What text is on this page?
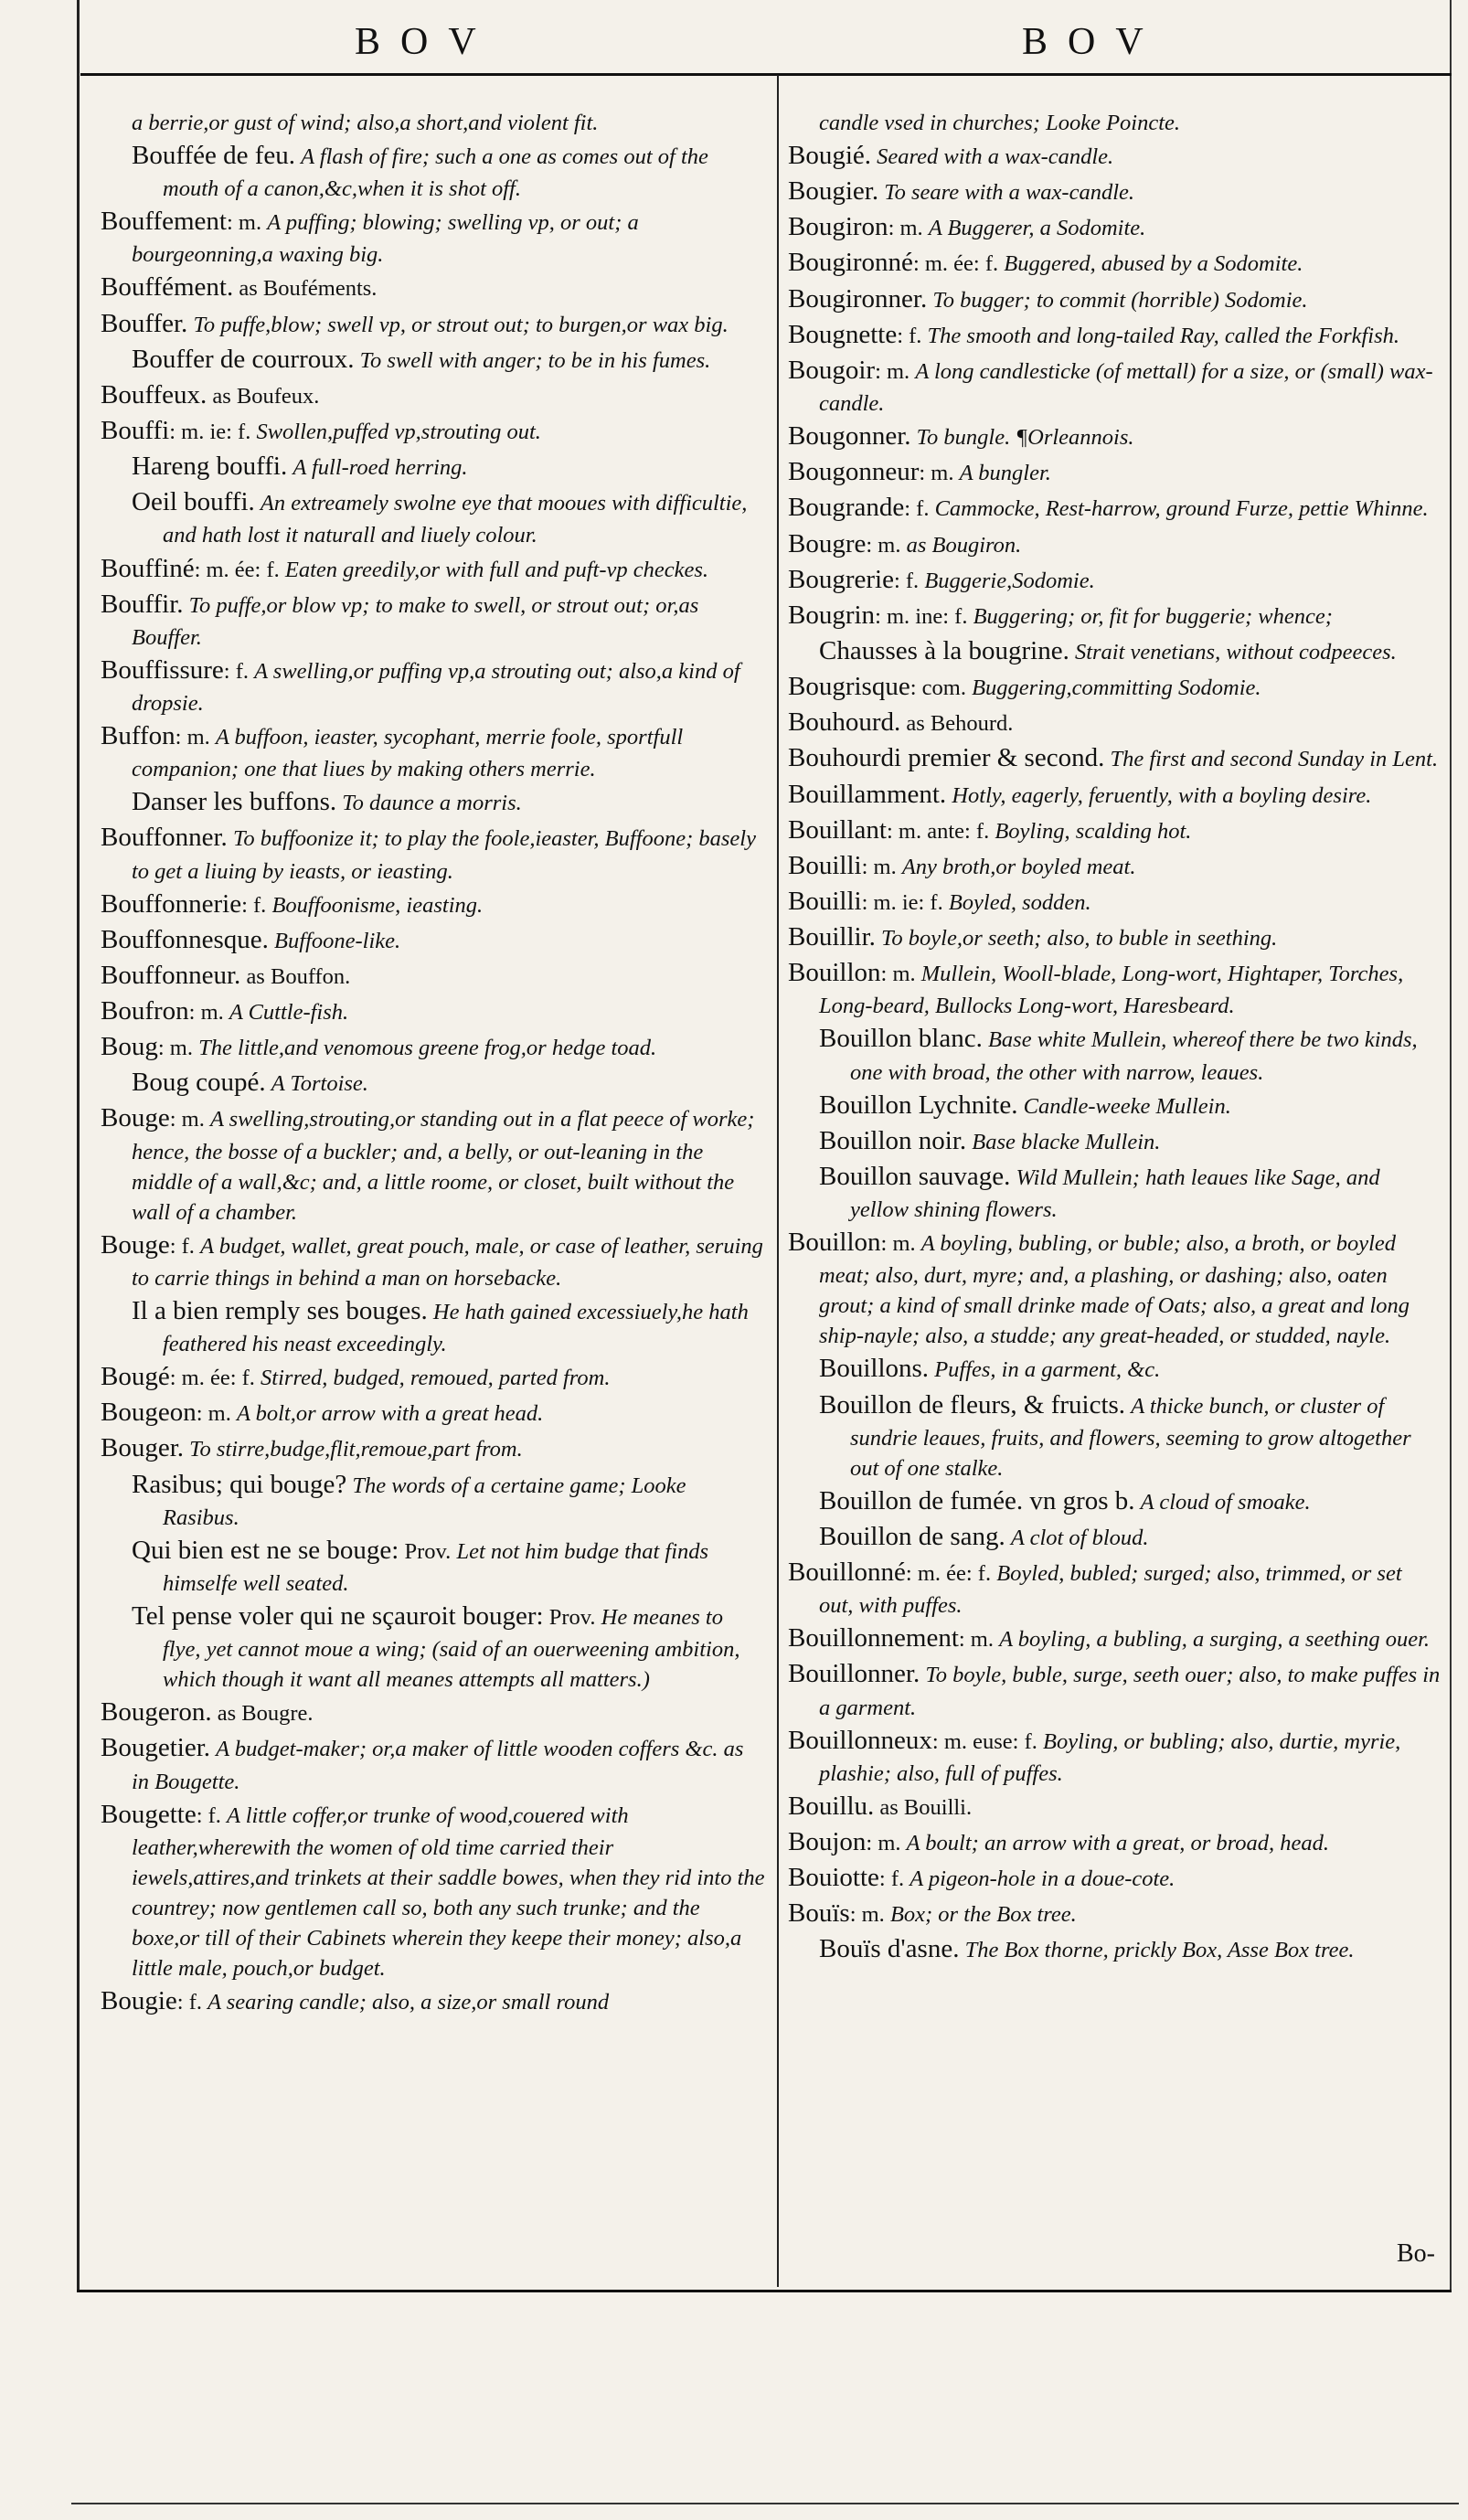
BOV	BOV

a berrie,or gust of wind; also,a short,and violent fit.

Bouffée de feu. A flash of fire; such a one as comes out of the mouth of a canon,&c,when it is shot off.

Bouffement: m. A puffing; blowing; swelling vp, or out; a bourgeonning,a waxing big.

Bouffément. as Bouféments.

Bouffer. To puffe,blow; swell vp, or strout out; to burgen,or wax big.

Bouffer de courroux. To swell with anger; to be in his fumes.

Bouffeux. as Boufeux.

Bouffi: m. ie: f. Swollen,puffed vp,strouting out.

Hareng bouffi. A full-roed herring.

Oeil bouffi. An extreamely swolne eye that mooues with difficultie, and hath lost it naturall and liuely colour.

Bouffiné: m. ée: f. Eaten greedily,or with full and puft-vp checkes.

Bouffir. To puffe,or blow vp; to make to swell, or strout out; or,as Bouffer.

Bouffissure: f. A swelling,or puffing vp,a strouting out; also,a kind of dropsie.

Buffon: m. A buffoon, ieaster, sycophant, merrie foole, sportfull companion; one that liues by making others merrie.

Danser les buffons. To daunce a morris.

Bouffonner. To buffoonize it; to play the foole,ieaster, Buffoone; basely to get a liuing by ieasts, or ieasting.

Bouffonnerie: f. Bouffoonisme, ieasting.

Bouffonnesque. Buffoone-like.

Bouffonneur. as Bouffon.

Boufron: m. A Cuttle-fish.

Boug: m. The little,and venomous greene frog,or hedge toad.

Boug coupé. A Tortoise.

Bouge: m. A swelling,strouting,or standing out in a flat peece of worke; hence, the bosse of a buckler; and, a belly, or out-leaning in the middle of a wall,&c; and, a little roome, or closet, built without the wall of a chamber.

Bouge: f. A budget, wallet, great pouch, male, or case of leather, seruing to carrie things in behind a man on horsebacke.

Il a bien remply ses bouges. He hath gained excessiuely,he hath feathered his neast exceedingly.

Bougé: m. ée: f. Stirred, budged, remoued, parted from.

Bougeon: m. A bolt,or arrow with a great head.

Bouger. To stirre,budge,flit,remoue,part from.

Rasibus; qui bouge? The words of a certaine game; Looke Rasibus.

Qui bien est ne se bouge: Prov. Let not him budge that finds himselfe well seated.

Tel pense voler qui ne sçauroit bouger: Prov. He meanes to flye, yet cannot moue a wing; (said of an ouerweening ambition, which though it want all meanes attempts all matters.)

Bougeron. as Bougre.

Bougetier. A budget-maker; or,a maker of little wooden coffers &c. as in Bougette.

Bougette: f. A little coffer,or trunke of wood,couered with leather,wherewith the women of old time carried their iewels,attires,and trinkets at their saddle bowes, when they rid into the countrey; now gentlemen call so, both any such trunke; and the boxe,or till of their Cabinets wherein they keepe their money; also,a little male, pouch,or budget.

Bougie: f. A searing candle; also, a size,or small round

candle vsed in churches; Looke Poincte.

Bougié. Seared with a wax-candle.

Bougier. To seare with a wax-candle.

Bougiron: m. A Buggerer, a Sodomite.

Bougironné: m. ée: f. Buggered, abused by a Sodomite.

Bougironner. To bugger; to commit (horrible) Sodomie.

Bougnette: f. The smooth and long-tailed Ray, called the Forkfish.

Bougoir: m. A long candlesticke (of mettall) for a size, or (small) wax-candle.

Bougonner. To bungle. ¶Orleannois.

Bougonneur: m. A bungler.

Bougrande: f. Cammocke, Rest-harrow, ground Furze, pettie Whinne.

Bougre: m. as Bougiron.

Bougrerie: f. Buggerie,Sodomie.

Bougrin: m. ine: f. Buggering; or, fit for buggerie; whence;

Chausses à la bougrine. Strait venetians, without codpeeces.

Bougrisque: com. Buggering,committing Sodomie.

Bouhourd. as Behourd.

Bouhourdi premier & second. The first and second Sunday in Lent.

Bouillamment. Hotly, eagerly, feruently, with a boyling desire.

Bouillant: m. ante: f. Boyling, scalding hot.

Bouilli: m. Any broth,or boyled meat.

Bouilli: m. ie: f. Boyled, sodden.

Bouillir. To boyle,or seeth; also, to buble in seething.

Bouillon: m. Mullein, Wooll-blade, Long-wort, Hightaper, Torches, Long-beard, Bullocks Long-wort, Haresbeard.

Bouillon blanc. Base white Mullein, whereof there be two kinds, one with broad, the other with narrow, leaues.

Bouillon Lychnite. Candle-weeke Mullein.

Bouillon noir. Base blacke Mullein.

Bouillon sauvage. Wild Mullein; hath leaues like Sage, and yellow shining flowers.

Bouillon: m. A boyling, bubling, or buble; also, a broth, or boyled meat; also, durt, myre; and, a plashing, or dashing; also, oaten grout; a kind of small drinke made of Oats; also, a great and long ship-nayle; also, a studde; any great-headed, or studded, nayle.

Bouillons. Puffes, in a garment, &c.

Bouillon de fleurs, & fruicts. A thicke bunch, or cluster of sundrie leaues, fruits, and flowers, seeming to grow altogether out of one stalke.

Bouillon de fumée. vn gros b. A cloud of smoake.

Bouillon de sang. A clot of bloud.

Bouillonné: m. ée: f. Boyled, bubled; surged; also, trimmed, or set out, with puffes.

Bouillonnement: m. A boyling, a bubling, a surging, a seething ouer.

Bouillonner. To boyle, buble, surge, seeth ouer; also, to make puffes in a garment.

Bouillonneux: m. euse: f. Boyling, or bubling; also, durtie, myrie, plashie; also, full of puffes.

Bouillu. as Bouilli.

Boujon: m. A boult; an arrow with a great, or broad, head.

Bouiotte: f. A pigeon-hole in a doue-cote.

Bouïs: m. Box; or the Box tree.

Bouïs d'asne. The Box thorne, prickly Box, Asse Box tree.

Bo-
